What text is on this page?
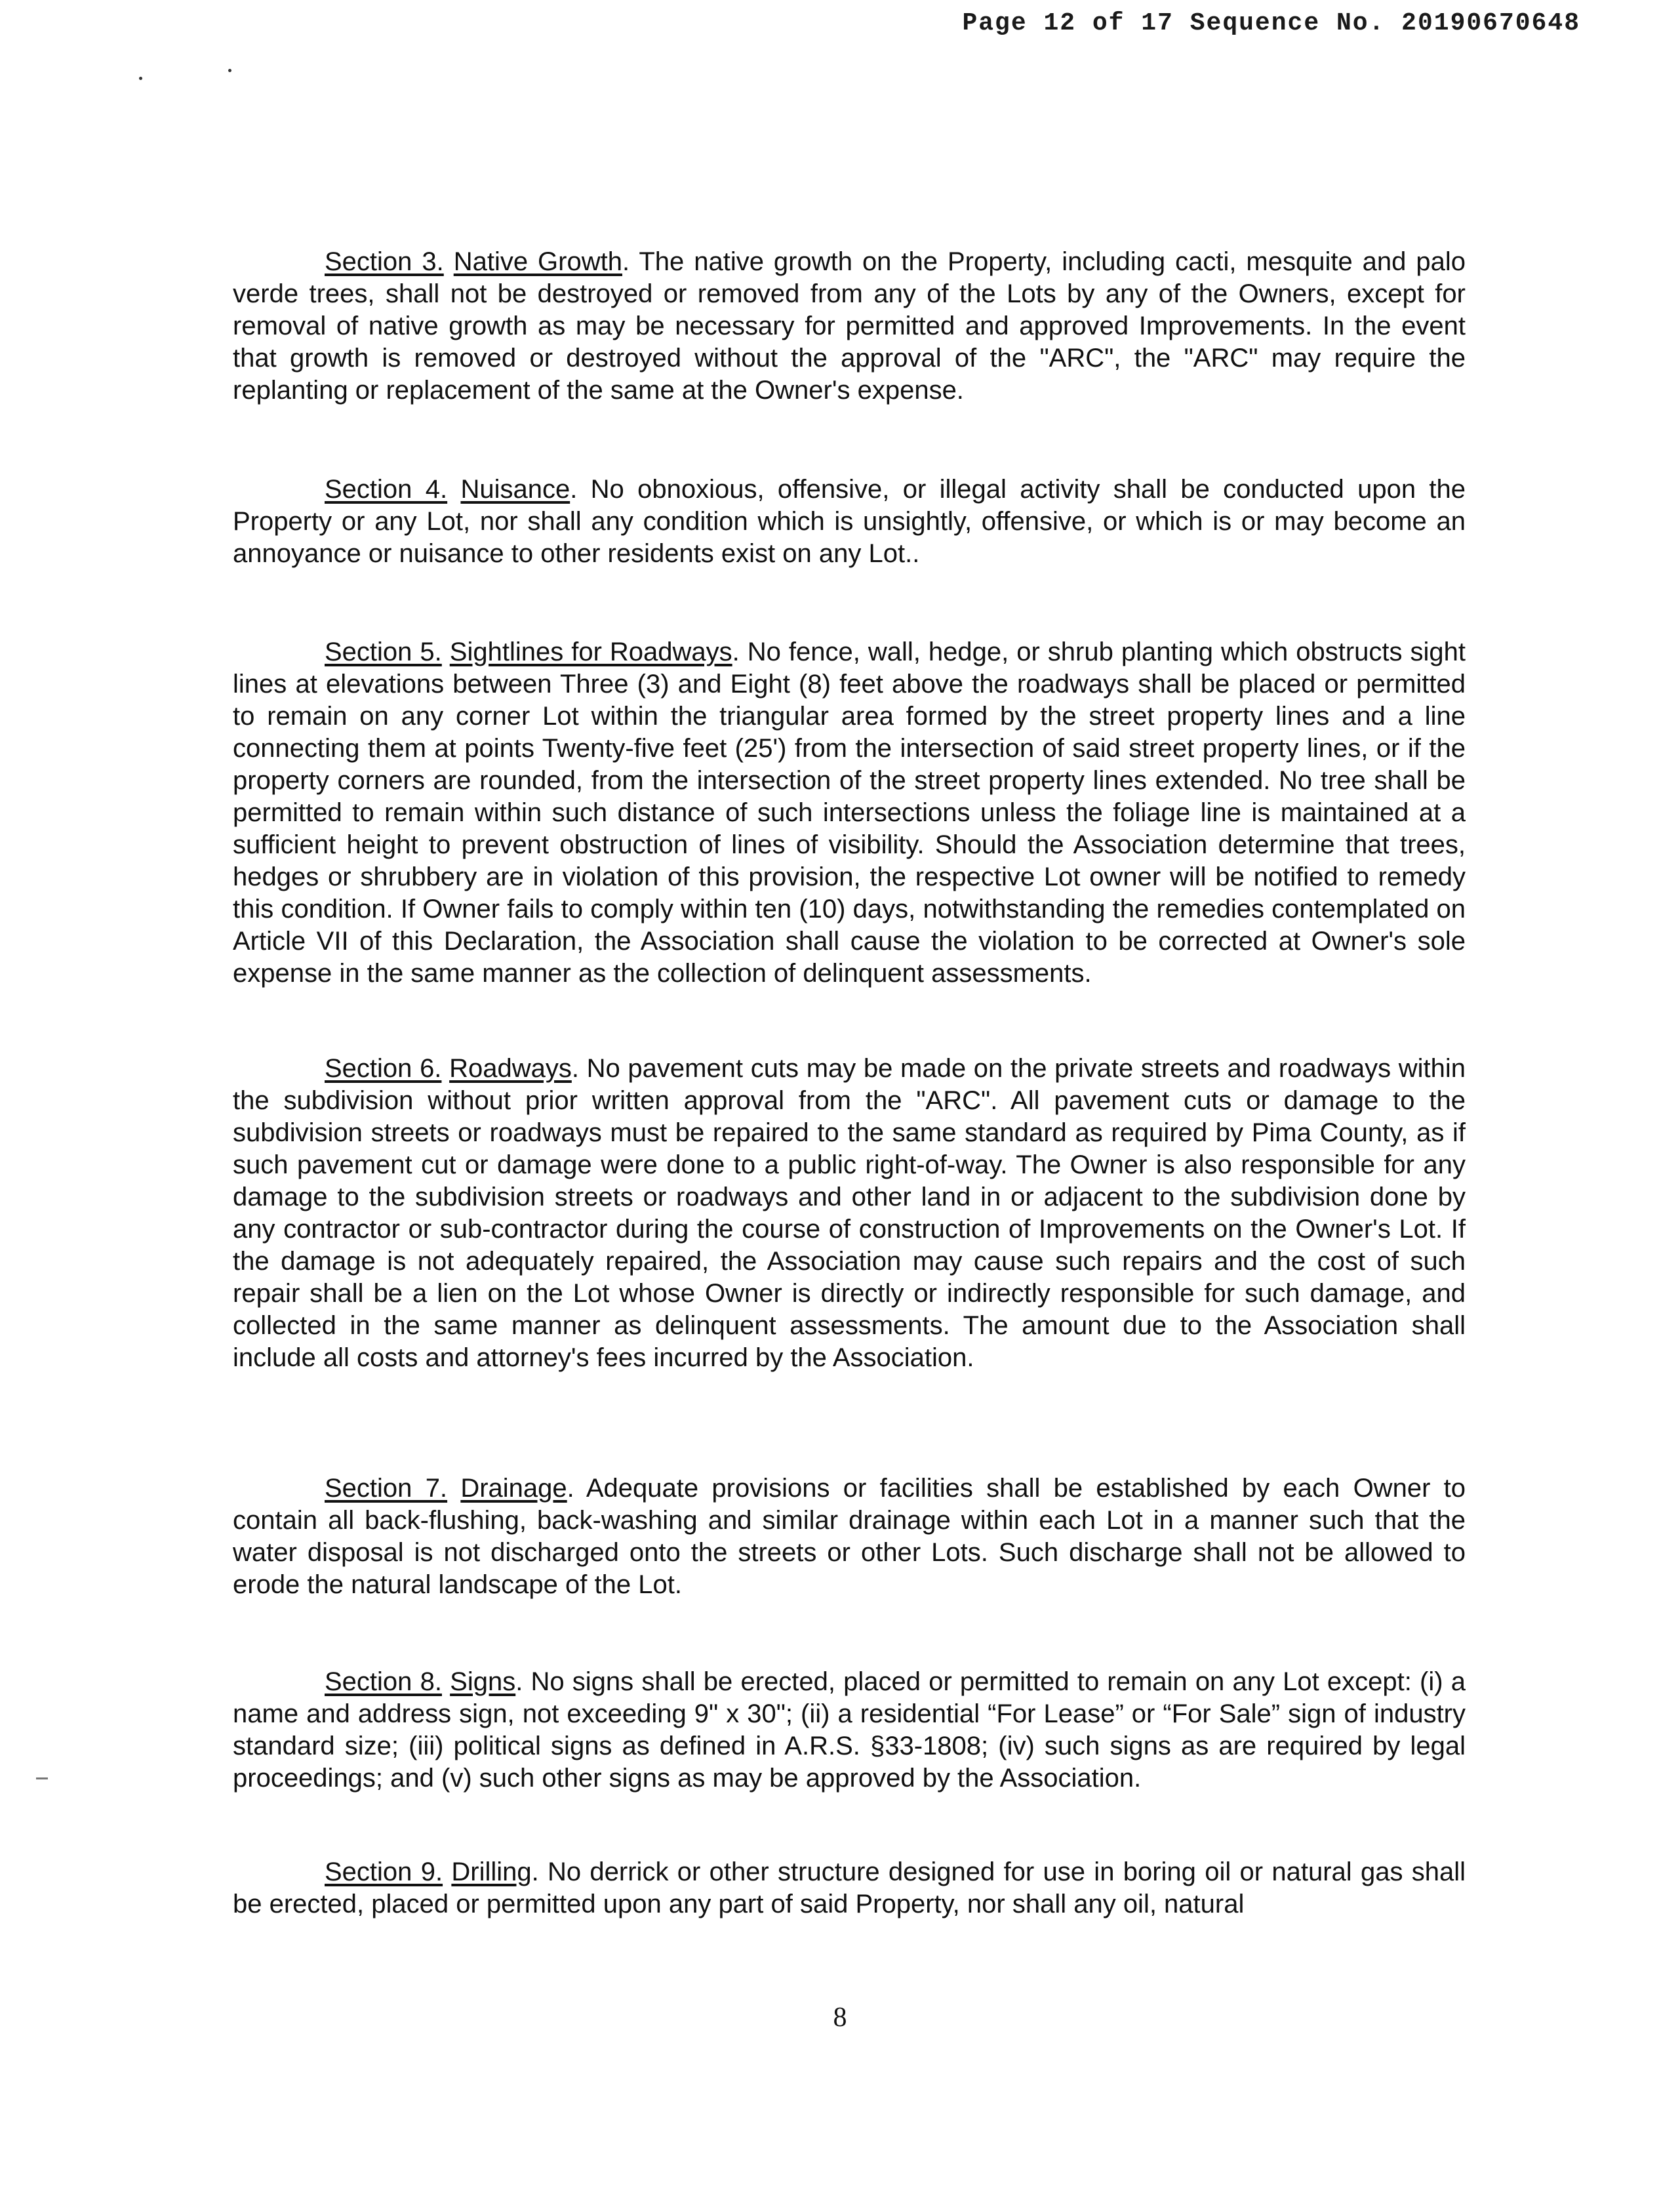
Page 12 of 17 Sequence No. 20190670648

Section 3. Native Growth. The native growth on the Property, including cacti, mesquite and palo verde trees, shall not be destroyed or removed from any of the Lots by any of the Owners, except for removal of native growth as may be necessary for permitted and approved Improvements. In the event that growth is removed or destroyed without the approval of the "ARC", the "ARC" may require the replanting or replacement of the same at the Owner's expense.

Section 4. Nuisance. No obnoxious, offensive, or illegal activity shall be conducted upon the Property or any Lot, nor shall any condition which is unsightly, offensive, or which is or may become an annoyance or nuisance to other residents exist on any Lot..

Section 5. Sightlines for Roadways. No fence, wall, hedge, or shrub planting which obstructs sight lines at elevations between Three (3) and Eight (8) feet above the roadways shall be placed or permitted to remain on any corner Lot within the triangular area formed by the street property lines and a line connecting them at points Twenty-five feet (25') from the intersection of said street property lines, or if the property corners are rounded, from the intersection of the street property lines extended. No tree shall be permitted to remain within such distance of such intersections unless the foliage line is maintained at a sufficient height to prevent obstruction of lines of visibility. Should the Association determine that trees, hedges or shrubbery are in violation of this provision, the respective Lot owner will be notified to remedy this condition. If Owner fails to comply within ten (10) days, notwithstanding the remedies contemplated on Article VII of this Declaration, the Association shall cause the violation to be corrected at Owner's sole expense in the same manner as the collection of delinquent assessments.

Section 6. Roadways. No pavement cuts may be made on the private streets and roadways within the subdivision without prior written approval from the "ARC". All pavement cuts or damage to the subdivision streets or roadways must be repaired to the same standard as required by Pima County, as if such pavement cut or damage were done to a public right-of-way. The Owner is also responsible for any damage to the subdivision streets or roadways and other land in or adjacent to the subdivision done by any contractor or sub-contractor during the course of construction of Improvements on the Owner's Lot. If the damage is not adequately repaired, the Association may cause such repairs and the cost of such repair shall be a lien on the Lot whose Owner is directly or indirectly responsible for such damage, and collected in the same manner as delinquent assessments. The amount due to the Association shall include all costs and attorney's fees incurred by the Association.

Section 7. Drainage. Adequate provisions or facilities shall be established by each Owner to contain all back-flushing, back-washing and similar drainage within each Lot in a manner such that the water disposal is not discharged onto the streets or other Lots. Such discharge shall not be allowed to erode the natural landscape of the Lot.

Section 8. Signs. No signs shall be erected, placed or permitted to remain on any Lot except: (i) a name and address sign, not exceeding 9" x 30"; (ii) a residential “For Lease” or “For Sale” sign of industry standard size; (iii) political signs as defined in A.R.S. §33-1808; (iv) such signs as are required by legal proceedings; and (v) such other signs as may be approved by the Association.

Section 9. Drilling. No derrick or other structure designed for use in boring oil or natural gas shall be erected, placed or permitted upon any part of said Property, nor shall any oil, natural

8
